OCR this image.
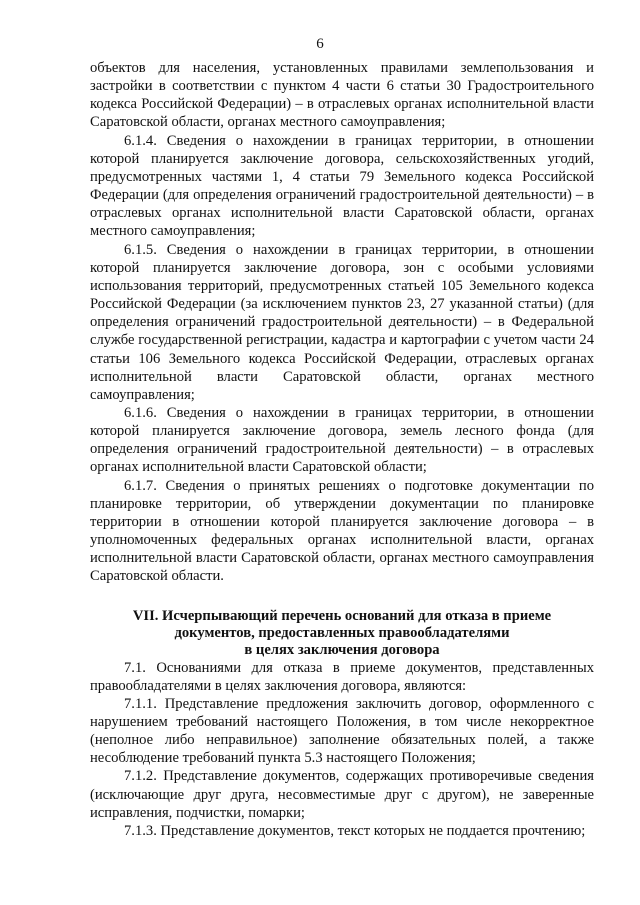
6

объектов для населения, установленных правилами землепользования и застройки в соответствии с пунктом 4 части 6 статьи 30 Градостроительного кодекса Российской Федерации) – в отраслевых органах исполнительной власти Саратовской области, органах местного самоуправления;

6.1.4. Сведения о нахождении в границах территории, в отношении которой планируется заключение договора, сельскохозяйственных угодий, предусмотренных частями 1, 4 статьи 79 Земельного кодекса Российской Федерации (для определения ограничений градостроительной деятельности) – в отраслевых органах исполнительной власти Саратовской области, органах местного самоуправления;

6.1.5. Сведения о нахождении в границах территории, в отношении которой планируется заключение договора, зон с особыми условиями использования территорий, предусмотренных статьей 105 Земельного кодекса Российской Федерации (за исключением пунктов 23, 27 указанной статьи) (для определения ограничений градостроительной деятельности) – в Федеральной службе государственной регистрации, кадастра и картографии с учетом части 24 статьи 106 Земельного кодекса Российской Федерации, отраслевых органах исполнительной власти Саратовской области, органах местного самоуправления;

6.1.6. Сведения о нахождении в границах территории, в отношении которой планируется заключение договора, земель лесного фонда (для определения ограничений градостроительной деятельности) – в отраслевых органах исполнительной власти Саратовской области;

6.1.7. Сведения о принятых решениях о подготовке документации по планировке территории, об утверждении документации по планировке территории в отношении которой планируется заключение договора – в уполномоченных федеральных органах исполнительной власти, органах исполнительной власти Саратовской области, органах местного самоуправления Саратовской области.

VII. Исчерпывающий перечень оснований для отказа в приеме
документов, предоставленных правообладателями
в целях заключения договора

7.1. Основаниями для отказа в приеме документов, представленных правообладателями в целях заключения договора, являются:

7.1.1. Представление предложения заключить договор, оформленного с нарушением требований настоящего Положения, в том числе некорректное (неполное либо неправильное) заполнение обязательных полей, а также несоблюдение требований пункта 5.3 настоящего Положения;

7.1.2. Представление документов, содержащих противоречивые сведения (исключающие друг друга, несовместимые друг с другом), не заверенные исправления, подчистки, помарки;

7.1.3. Представление документов, текст которых не поддается прочтению;
